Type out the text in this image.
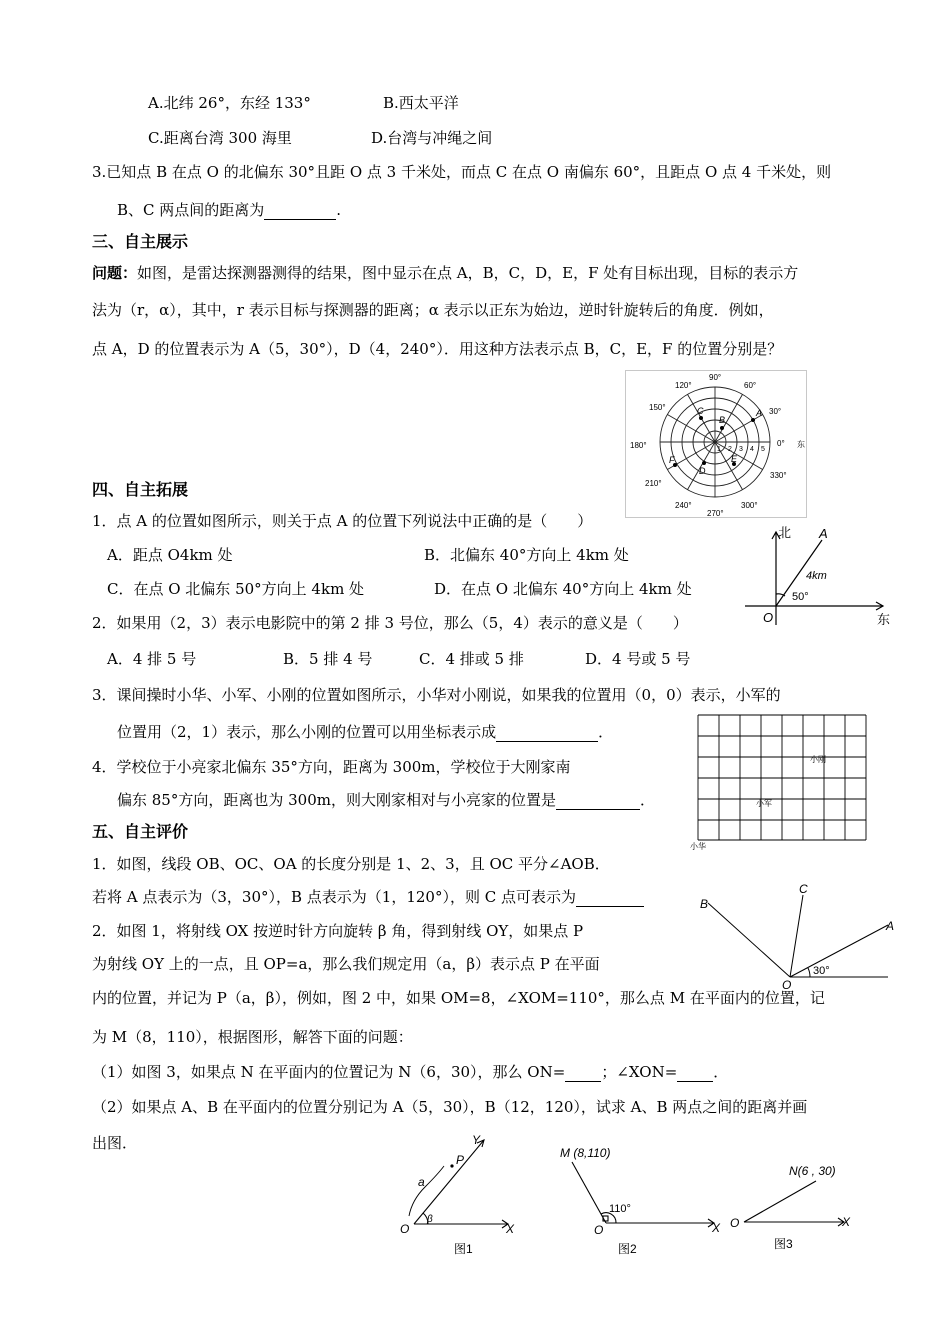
A.北纬 26°，东经 133°	B.西太平洋
C.距离台湾 300 海里	D.台湾与冲绳之间
3.已知点 B 在点 O 的北偏东 30°且距 O 点 3 千米处，而点 C 在点 O 南偏东 60°，且距点 O 点 4 千米处，则
B、C 两点间的距离为	.
三、自主展示
问题：如图，是雷达探测器测得的结果，图中显示在点 A，B，C，D，E，F 处有目标出现，目标的表示方
法为（r，α），其中，r 表示目标与探测器的距离；α 表示以正东为始边，逆时针旋转后的角度．例如，
点 A，D 的位置表示为 A（5，30°），D（4，240°）．用这种方法表示点 B，C，E，F 的位置分别是？
90°
60°
30°
0° 东
330°
300°
270°
240°
210°
180°
150°
120°
1 2 3 4 5
A
B
C
D
E
F
四、自主拓展
1．点 A 的位置如图所示，则关于点 A 的位置下列说法中正确的是（　　）
A．距点 O4km 处	B．北偏东 40°方向上 4km 处
C．在点 O 北偏东 50°方向上 4km 处	D．在点 O 北偏东 40°方向上 4km 处
北
东
O
A
4km
50°
2．如果用（2，3）表示电影院中的第 2 排 3 号位，那么（5，4）表示的意义是（　　）
A．4 排 5 号	B．5 排 4 号	C．4 排或 5 排	D．4 号或 5 号
3．课间操时小华、小军、小刚的位置如图所示，小华对小刚说，如果我的位置用（0，0）表示，小军的
位置用（2，1）表示，那么小刚的位置可以用坐标表示成	．
小刚
小军
小华
4．学校位于小亮家北偏东 35°方向，距离为 300m，学校位于大刚家南
偏东 85°方向，距离也为 300m，则大刚家相对与小亮家的位置是	．
五、自主评价
1．如图，线段 OB、OC、OA 的长度分别是 1、2、3，且 OC 平分∠AOB．
若将 A 点表示为（3，30°），B 点表示为（1，120°），则 C 点可表示为
A
B
C
O
30°
2．如图 1，将射线 OX 按逆时针方向旋转 β 角，得到射线 OY，如果点 P
为射线 OY 上的一点，且 OP=a，那么我们规定用（a，β）表示点 P 在平面
内的位置，并记为 P（a，β），例如，图 2 中，如果 OM=8，∠XOM=110°，那么点 M 在平面内的位置，记
为 M（8，110），根据图形，解答下面的问题：
（1）如图 3，如果点 N 在平面内的位置记为 N（6，30），那么 ON= ；∠XON= ．
（2）如果点 A、B 在平面内的位置分别记为 A（5，30），B（12，120），试求 A、B 两点之间的距离并画
出图．
O	X
Y
P
a
β
图1
M (8,110)
O	X
110°
图2
N(6 , 30)
O	X
图3
